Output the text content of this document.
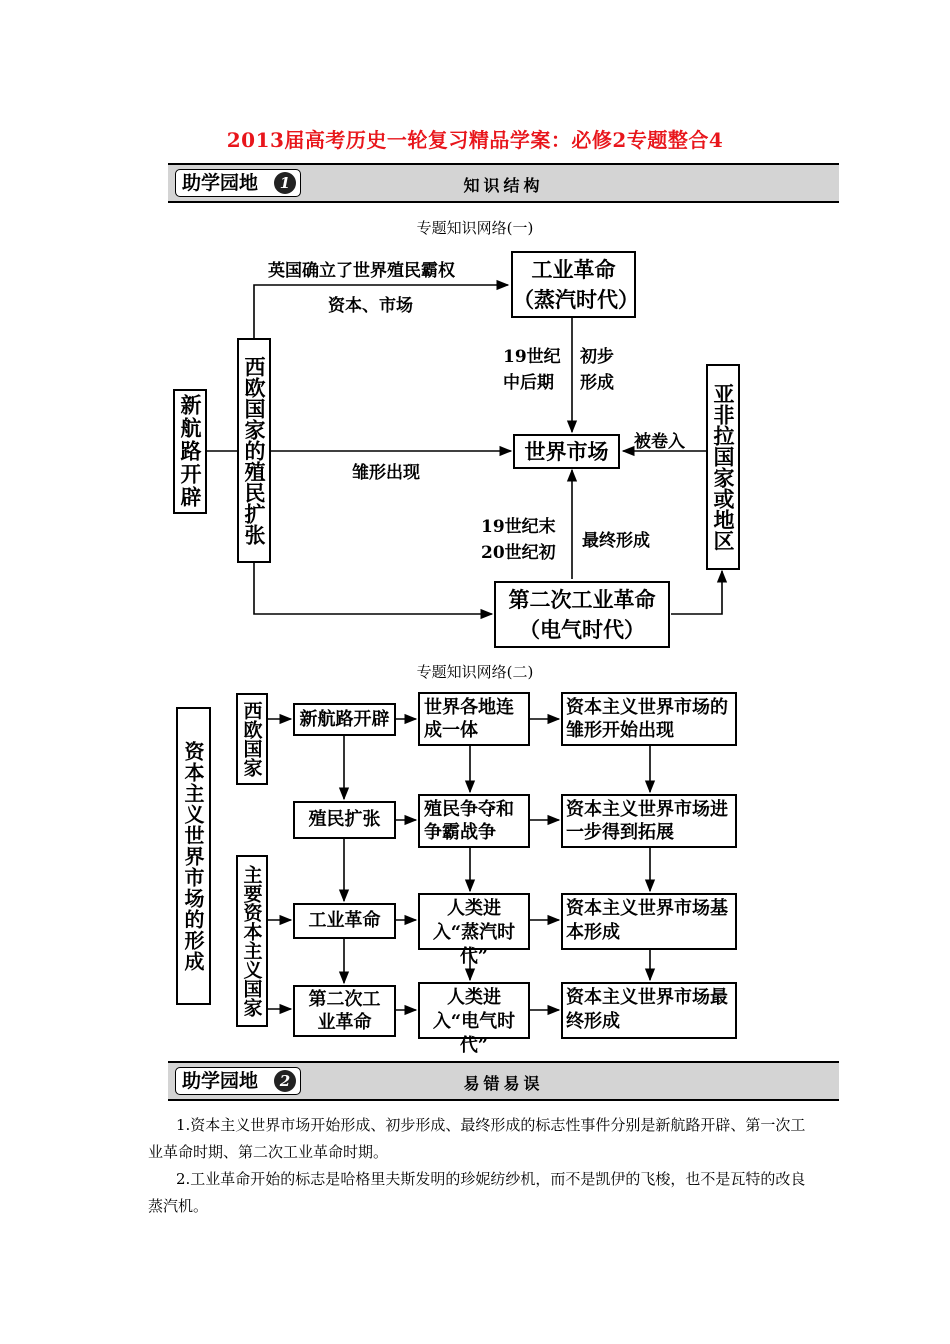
2013届高考历史一轮复习精品学案：必修2专题整合4
助学园地	1	知识结构
专题知识网络(一)
新航路开辟 西欧国家的殖民扩张
工业革命
（蒸汽时代）
世界市场	亚非拉国家或地区
第二次工业革命
（电气时代）
英国确立了世界殖民霸权
资本、市场
19世纪
中后期
初步
形成
被卷入
雏形出现
19世纪末
20世纪初
最终形成
专题知识网络(二)
资本主义世界市场的形成
西欧国家
主要资本主义国家
新航路开辟
殖民扩张
工业革命
第二次工业革命
世界各地连成一体
殖民争夺和争霸战争
人类进入“蒸汽时代”
人类进入“电气时代”
资本主义世界市场的雏形开始出现
资本主义世界市场进一步得到拓展
资本主义世界市场基本形成
资本主义世界市场最终形成
助学园地	2	易错易误
1.资本主义世界市场开始形成、初步形成、最终形成的标志性事件分别是新航路开辟、第一次工业革命时期、第二次工业革命时期。
2.工业革命开始的标志是哈格里夫斯发明的珍妮纺纱机，而不是凯伊的飞梭，也不是瓦特的改良蒸汽机。
